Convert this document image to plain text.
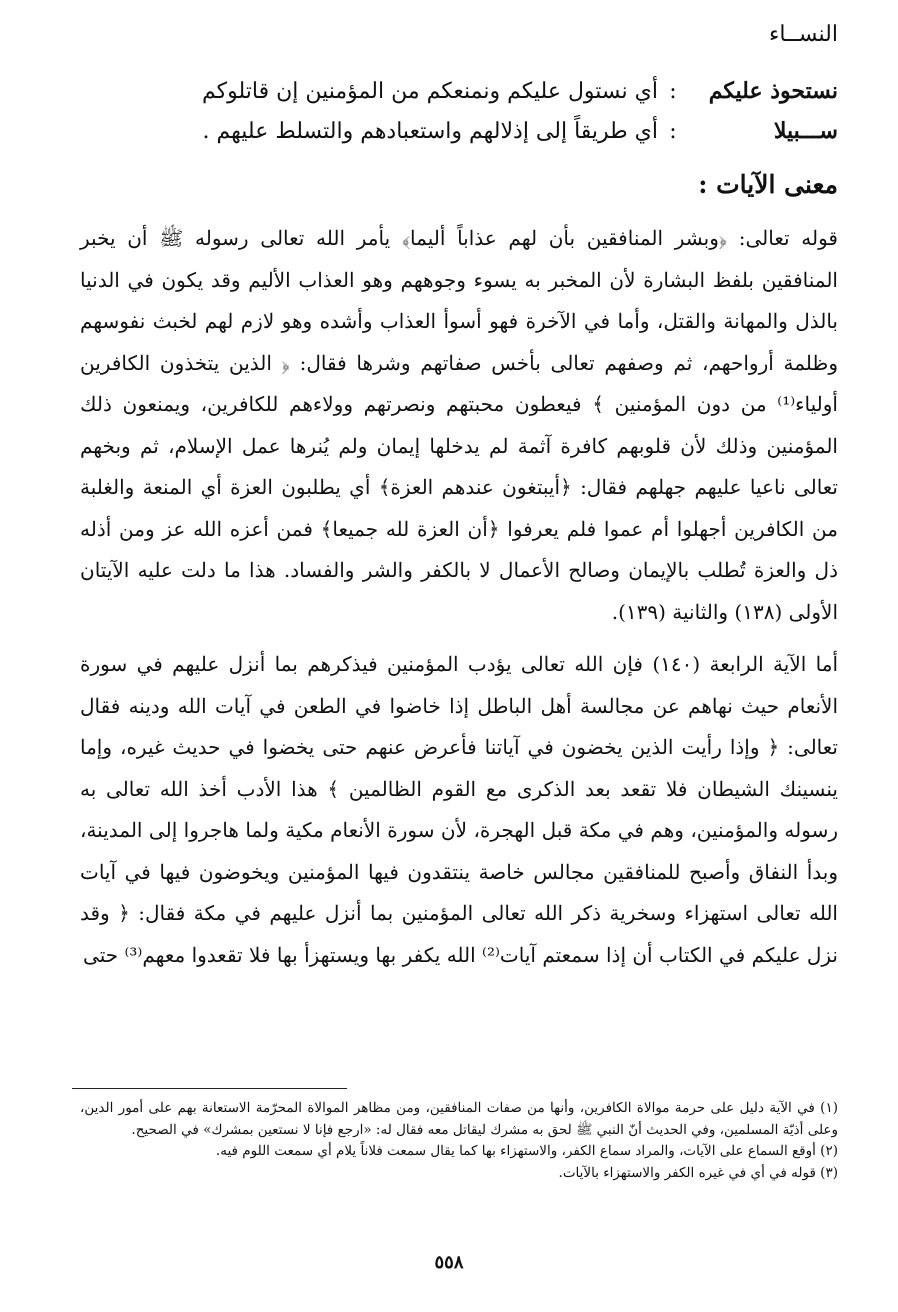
النســاء
نستحوذ عليكم
:
أي نستول عليكم ونمنعكم من المؤمنين إن قاتلوكم
ســـبيلا
:
أي طريقاً إلى إذلالهم واستعبادهم والتسلط عليهم .
معنى الآيات :

قوله تعالى: ﴿وبشر المنافقين بأن لهم عذاباً أليما﴾ يأمر الله تعالى رسوله ﷺ أن يخبر المنافقين بلفظ البشارة لأن المخبر به يسوء وجوههم وهو العذاب الأليم وقد يكون في الدنيا بالذل والمهانة والقتل، وأما في الآخرة فهو أسوأ العذاب وأشده وهو لازم لهم لخبث نفوسهم وظلمة أرواحهم، ثم وصفهم تعالى بأخس صفاتهم وشرها فقال: ﴿ الذين يتخذون الكافرين أولياء⁽¹⁾ من دون المؤمنين ﴾ فيعطون محبتهم ونصرتهم وولاءهم للكافرين، ويمنعون ذلك المؤمنين وذلك لأن قلوبهم كافرة آثمة لم يدخلها إيمان ولم يُنرها عمل الإسلام، ثم وبخهم تعالى ناعيا عليهم جهلهم فقال: ﴿أيبتغون عندهم العزة﴾ أي يطلبون العزة أي المنعة والغلبة من الكافرين أجهلوا أم عموا فلم يعرفوا ﴿أن العزة لله جميعا﴾ فمن أعزه الله عز ومن أذله ذل والعزة تُطلب بالإيمان وصالح الأعمال لا بالكفر والشر والفساد. هذا ما دلت عليه الآيتان الأولى (١٣٨) والثانية (١٣٩).

أما الآية الرابعة (١٤٠) فإن الله تعالى يؤدب المؤمنين فيذكرهم بما أنزل عليهم في سورة الأنعام حيث نهاهم عن مجالسة أهل الباطل إذا خاضوا في الطعن في آيات الله ودينه فقال تعالى: ﴿ وإذا رأيت الذين يخضون في آياتنا فأعرض عنهم حتى يخضوا في حديث غيره، وإما ينسينك الشيطان فلا تقعد بعد الذكرى مع القوم الظالمين ﴾ هذا الأدب أخذ الله تعالى به رسوله والمؤمنين، وهم في مكة قبل الهجرة، لأن سورة الأنعام مكية ولما هاجروا إلى المدينة، وبدأ النفاق وأصبح للمنافقين مجالس خاصة ينتقدون فيها المؤمنين ويخوضون فيها في آيات الله تعالى استهزاء وسخرية ذكر الله تعالى المؤمنين بما أنزل عليهم في مكة فقال: ﴿ وقد نزل عليكم في الكتاب أن إذا سمعتم آيات⁽²⁾ الله يكفر بها ويستهزأ بها فلا تقعدوا معهم⁽³⁾ حتى

(١) في الآية دليل على حرمة موالاة الكافرين، وأنها من صفات المنافقين، ومن مظاهر الموالاة المحرّمة الاستعانة بهم على أمور الدين، وعلى أذيّة المسلمين، وفي الحديث أنّ النبي ﷺ لحق به مشرك ليقاتل معه فقال له: «ارجع فإنا لا نستعين بمشرك» في الصحيح.

(٢) أوقع السماع على الآيات، والمراد سماع الكفر، والاستهزاء بها كما يقال سمعت فلاناً يلام أي سمعت اللوم فيه.

(٣) قوله في أي في غيره الكفر والاستهزاء بالآيات.

٥٥٨
